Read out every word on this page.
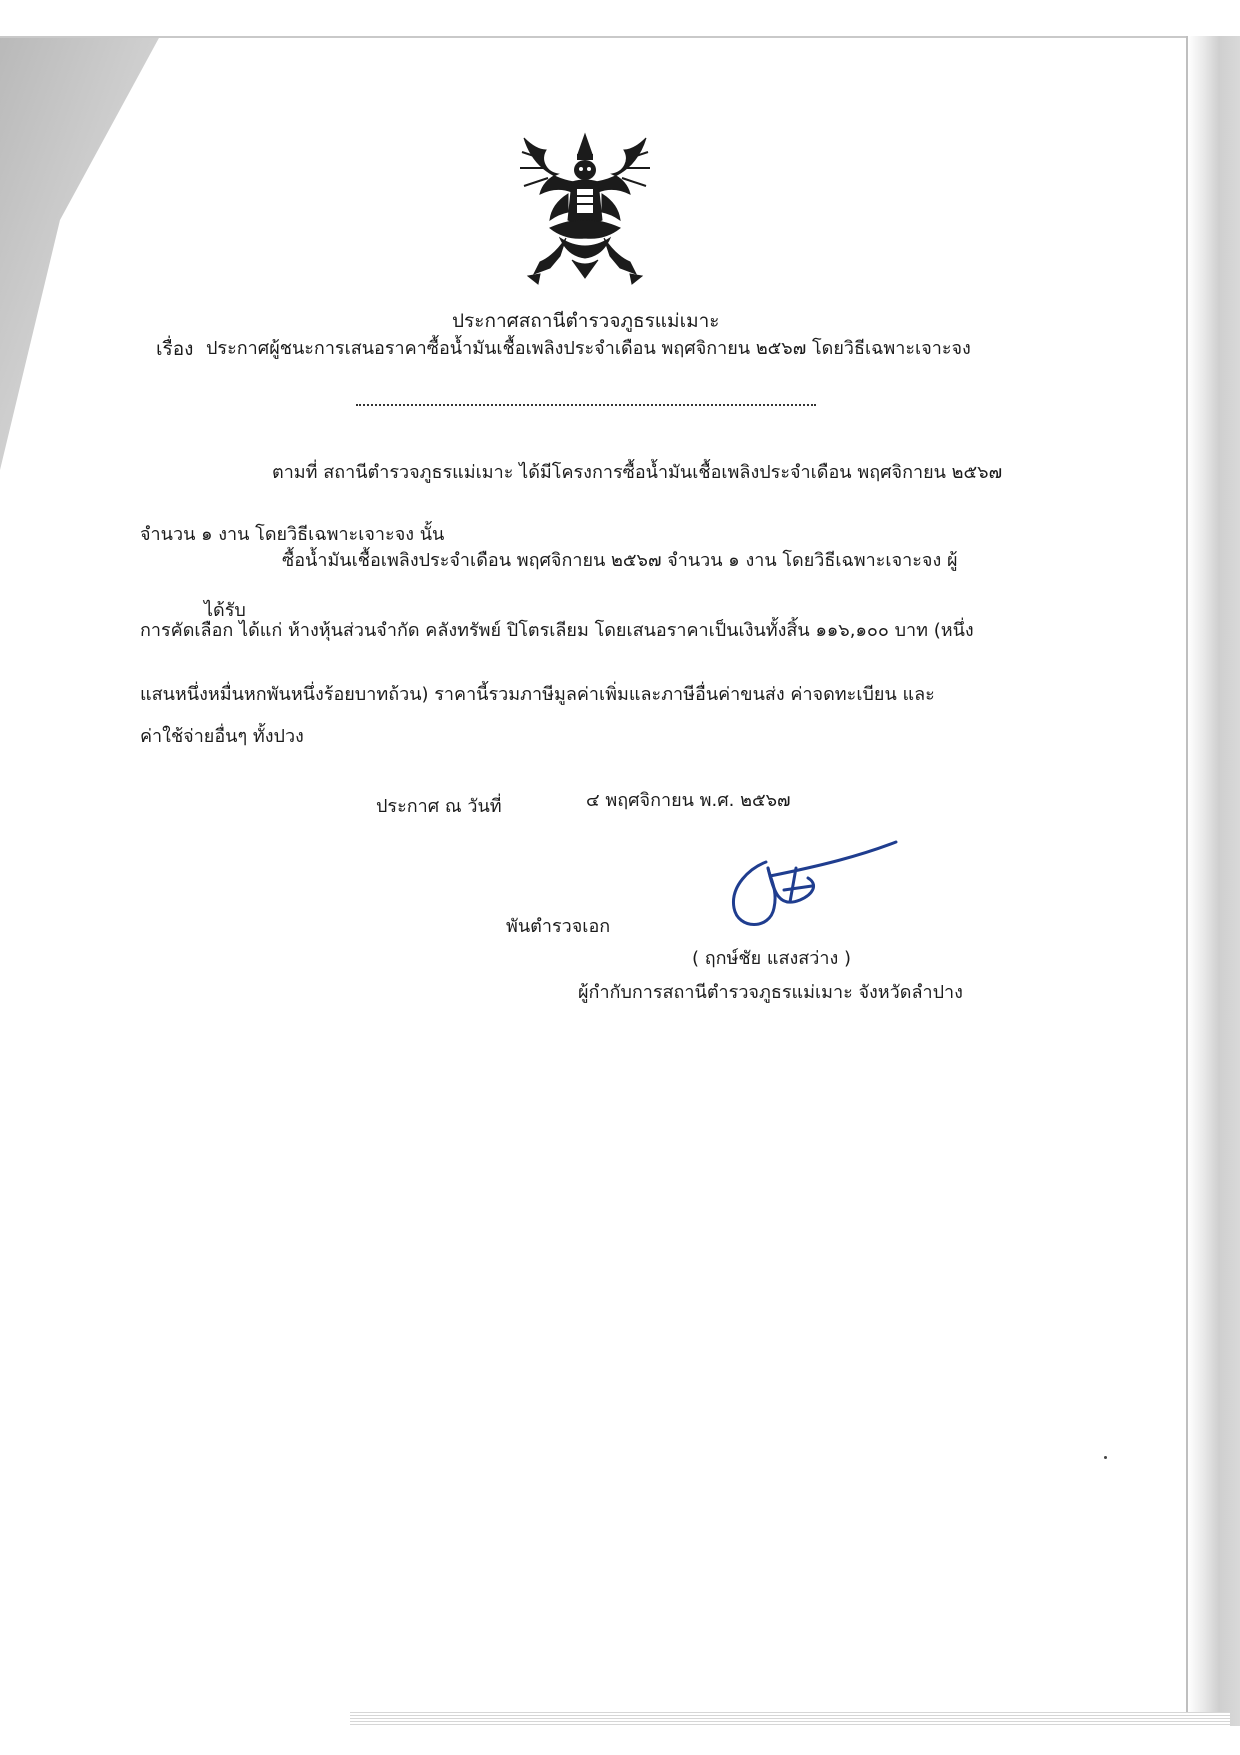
ประกาศสถานีตำรวจภูธรแม่เมาะ
เรื่อง ประกาศผู้ชนะการเสนอราคาซื้อน้ำมันเชื้อเพลิงประจำเดือน พฤศจิกายน ๒๕๖๗ โดยวิธีเฉพาะเจาะจง
ตามที่ สถานีตำรวจภูธรแม่เมาะ ได้มีโครงการซื้อน้ำมันเชื้อเพลิงประจำเดือน พฤศจิกายน ๒๕๖๗
จำนวน ๑ งาน โดยวิธีเฉพาะเจาะจง นั้น
ซื้อน้ำมันเชื้อเพลิงประจำเดือน พฤศจิกายน ๒๕๖๗ จำนวน ๑ งาน โดยวิธีเฉพาะเจาะจง ผู้
ได้รับ
การคัดเลือก ได้แก่ ห้างหุ้นส่วนจำกัด คลังทรัพย์ ปิโตรเลียม โดยเสนอราคาเป็นเงินทั้งสิ้น ๑๑๖,๑๐๐ บาท (หนึ่ง
แสนหนึ่งหมื่นหกพันหนึ่งร้อยบาทถ้วน) ราคานี้รวมภาษีมูลค่าเพิ่มและภาษีอื่นค่าขนส่ง ค่าจดทะเบียน และ
ค่าใช้จ่ายอื่นๆ ทั้งปวง
ประกาศ ณ วันที่	๔ พฤศจิกายน พ.ศ. ๒๕๖๗
พันตำรวจเอก
( ฤกษ์ชัย แสงสว่าง )
ผู้กำกับการสถานีตำรวจภูธรแม่เมาะ จังหวัดลำปาง
